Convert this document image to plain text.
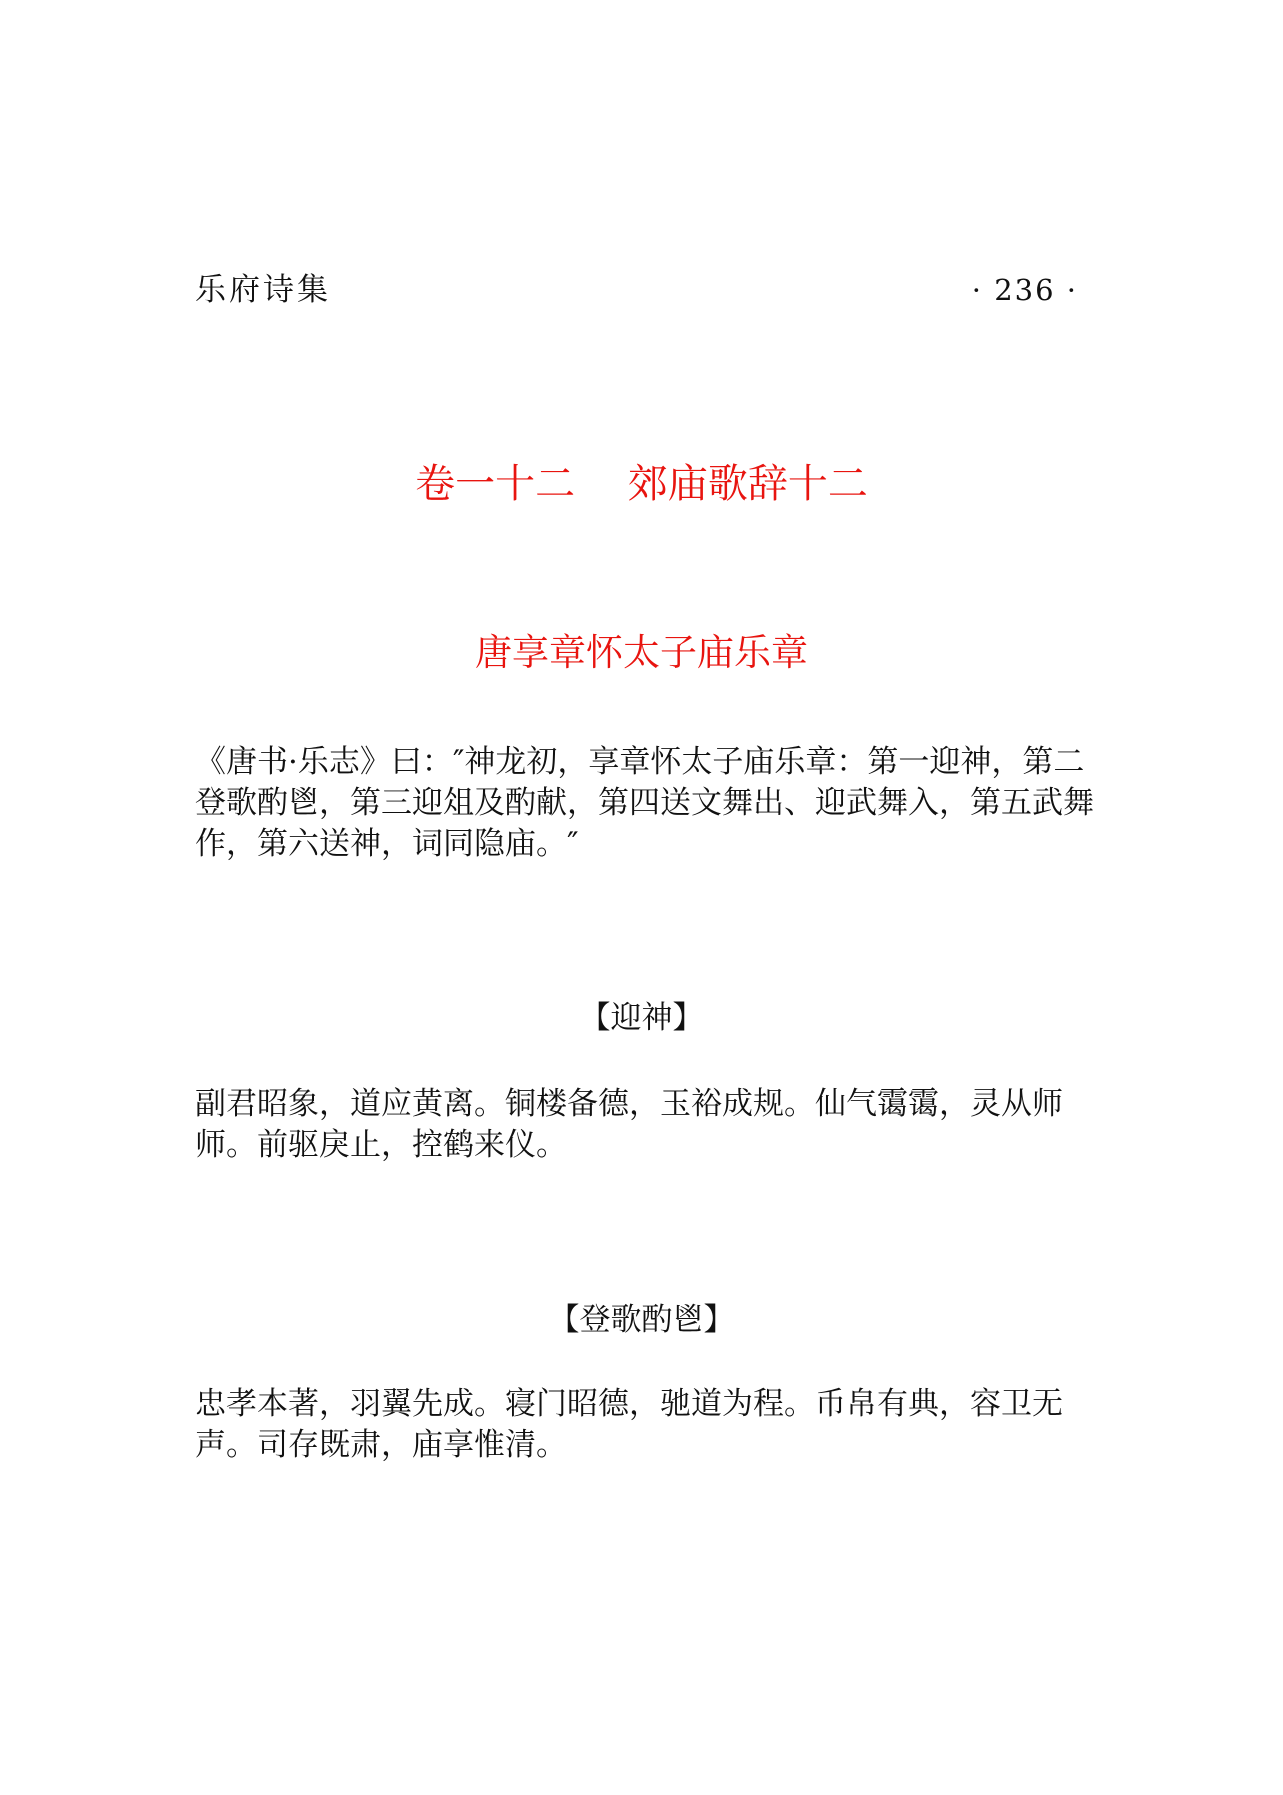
乐府诗集	· 236 ·
卷一十二　 郊庙歌辞十二
唐享章怀太子庙乐章

《唐书·乐志》曰：″神龙初，享章怀太子庙乐章：第一迎神，第二登歌酌鬯，第三迎俎及酌献，第四送文舞出、迎武舞入，第五武舞作，第六送神，词同隐庙。″

【迎神】

副君昭象，道应黄离。铜楼备德，玉裕成规。仙气霭霭，灵从师师。前驱戾止，控鹤来仪。

【登歌酌鬯】

忠孝本著，羽翼先成。寝门昭德，驰道为程。币帛有典，容卫无声。司存既肃，庙享惟清。
